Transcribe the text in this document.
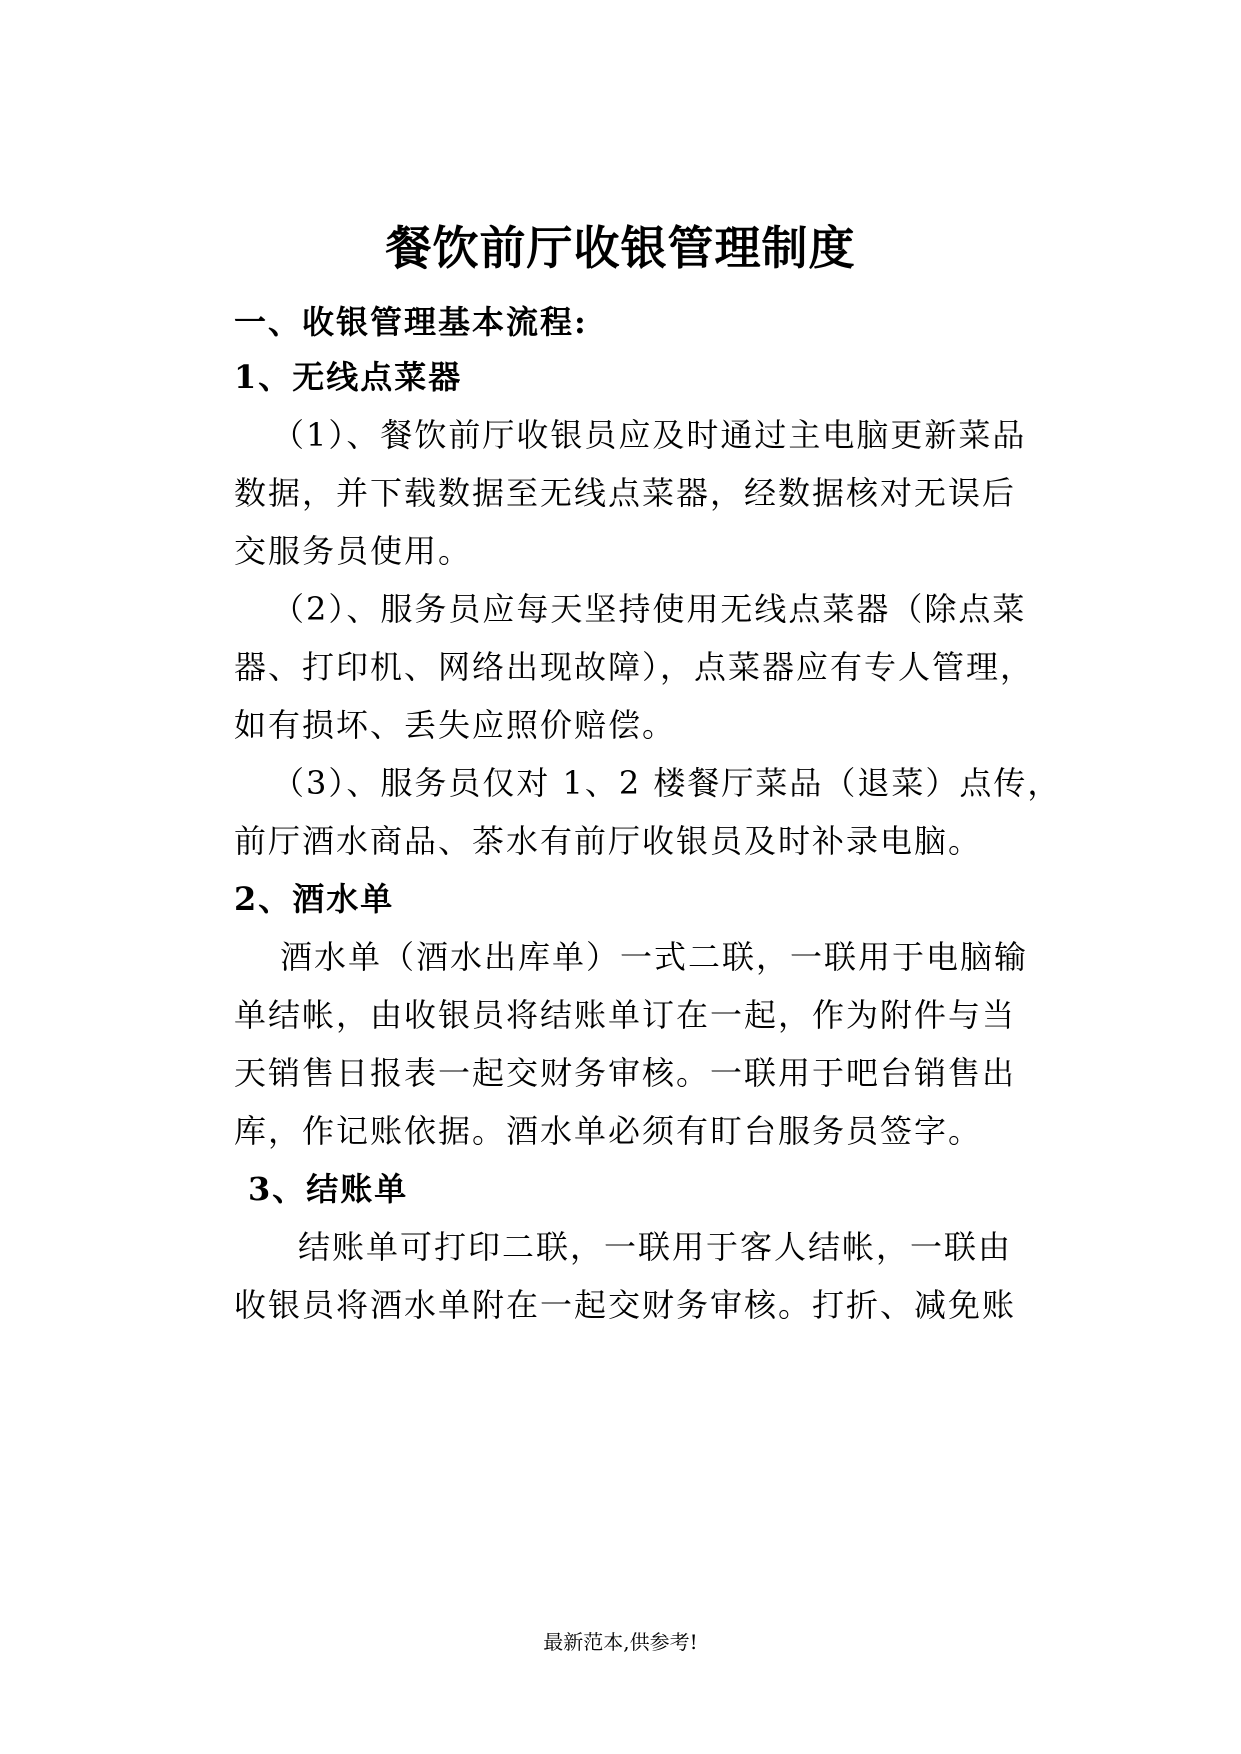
餐饮前厅收银管理制度

一、收银管理基本流程:

1、无线点菜器

（1）、餐饮前厅收银员应及时通过主电脑更新菜品

数据，并下载数据至无线点菜器，经数据核对无误后

交服务员使用。

（2）、服务员应每天坚持使用无线点菜器（除点菜

器、打印机、网络出现故障），点菜器应有专人管理，

如有损坏、丢失应照价赔偿。

（3）、服务员仅对 1、2 楼餐厅菜品（退菜）点传，

前厅酒水商品、茶水有前厅收银员及时补录电脑。

2、酒水单

酒水单（酒水出库单）一式二联，一联用于电脑输

单结帐，由收银员将结账单订在一起，作为附件与当

天销售日报表一起交财务审核。一联用于吧台销售出

库，作记账依据。酒水单必须有盯台服务员签字。

3、结账单

结账单可打印二联，一联用于客人结帐，一联由

收银员将酒水单附在一起交财务审核。打折、减免账

最新范本,供参考!
